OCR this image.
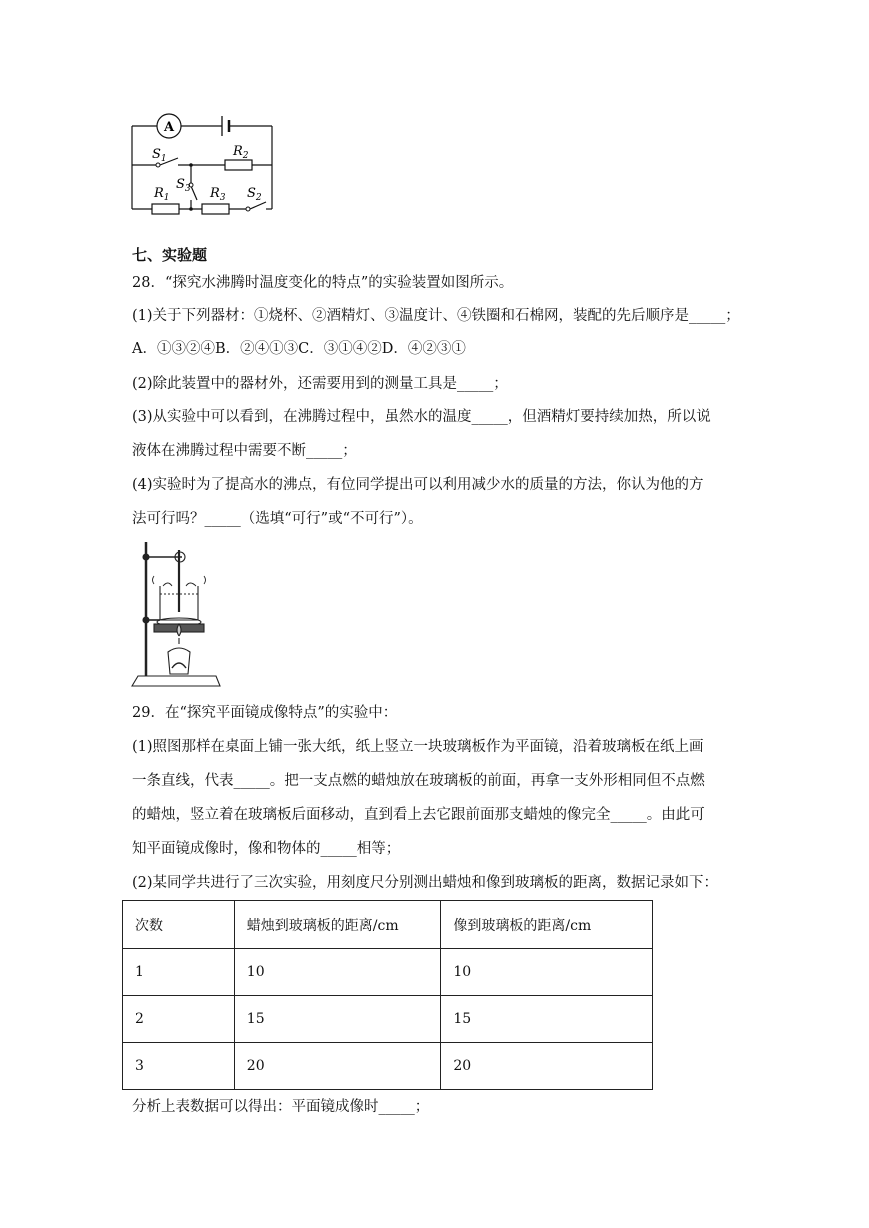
A
$S_1$	$R_2$
$S_3$
$R_1$	$R_3$ $S_2$
七、实验题
28．“探究水沸腾时温度变化的特点”的实验装置如图所示。
(1)关于下列器材：①烧杯、②酒精灯、③温度计、④铁圈和石棉网，装配的先后顺序是_____；
A．①③②④B．②④①③C．③①④②D．④②③①
(2)除此装置中的器材外，还需要用到的测量工具是_____；
(3)从实验中可以看到，在沸腾过程中，虽然水的温度_____，但酒精灯要持续加热，所以说
液体在沸腾过程中需要不断_____；
(4)实验时为了提高水的沸点，有位同学提出可以利用减少水的质量的方法，你认为他的方
法可行吗？_____（选填“可行”或“不可行”）。
29．在“探究平面镜成像特点”的实验中：
(1)照图那样在桌面上铺一张大纸，纸上竖立一块玻璃板作为平面镜，沿着玻璃板在纸上画
一条直线，代表_____。把一支点燃的蜡烛放在玻璃板的前面，再拿一支外形相同但不点燃
的蜡烛，竖立着在玻璃板后面移动，直到看上去它跟前面那支蜡烛的像完全_____。由此可
知平面镜成像时，像和物体的_____相等；
(2)某同学共进行了三次实验，用刻度尺分别测出蜡烛和像到玻璃板的距离，数据记录如下：
次数	蜡烛到玻璃板的距离/cm	像到玻璃板的距离/cm
1	10	10
2	15	15
3	20	20
分析上表数据可以得出：平面镜成像时_____；
